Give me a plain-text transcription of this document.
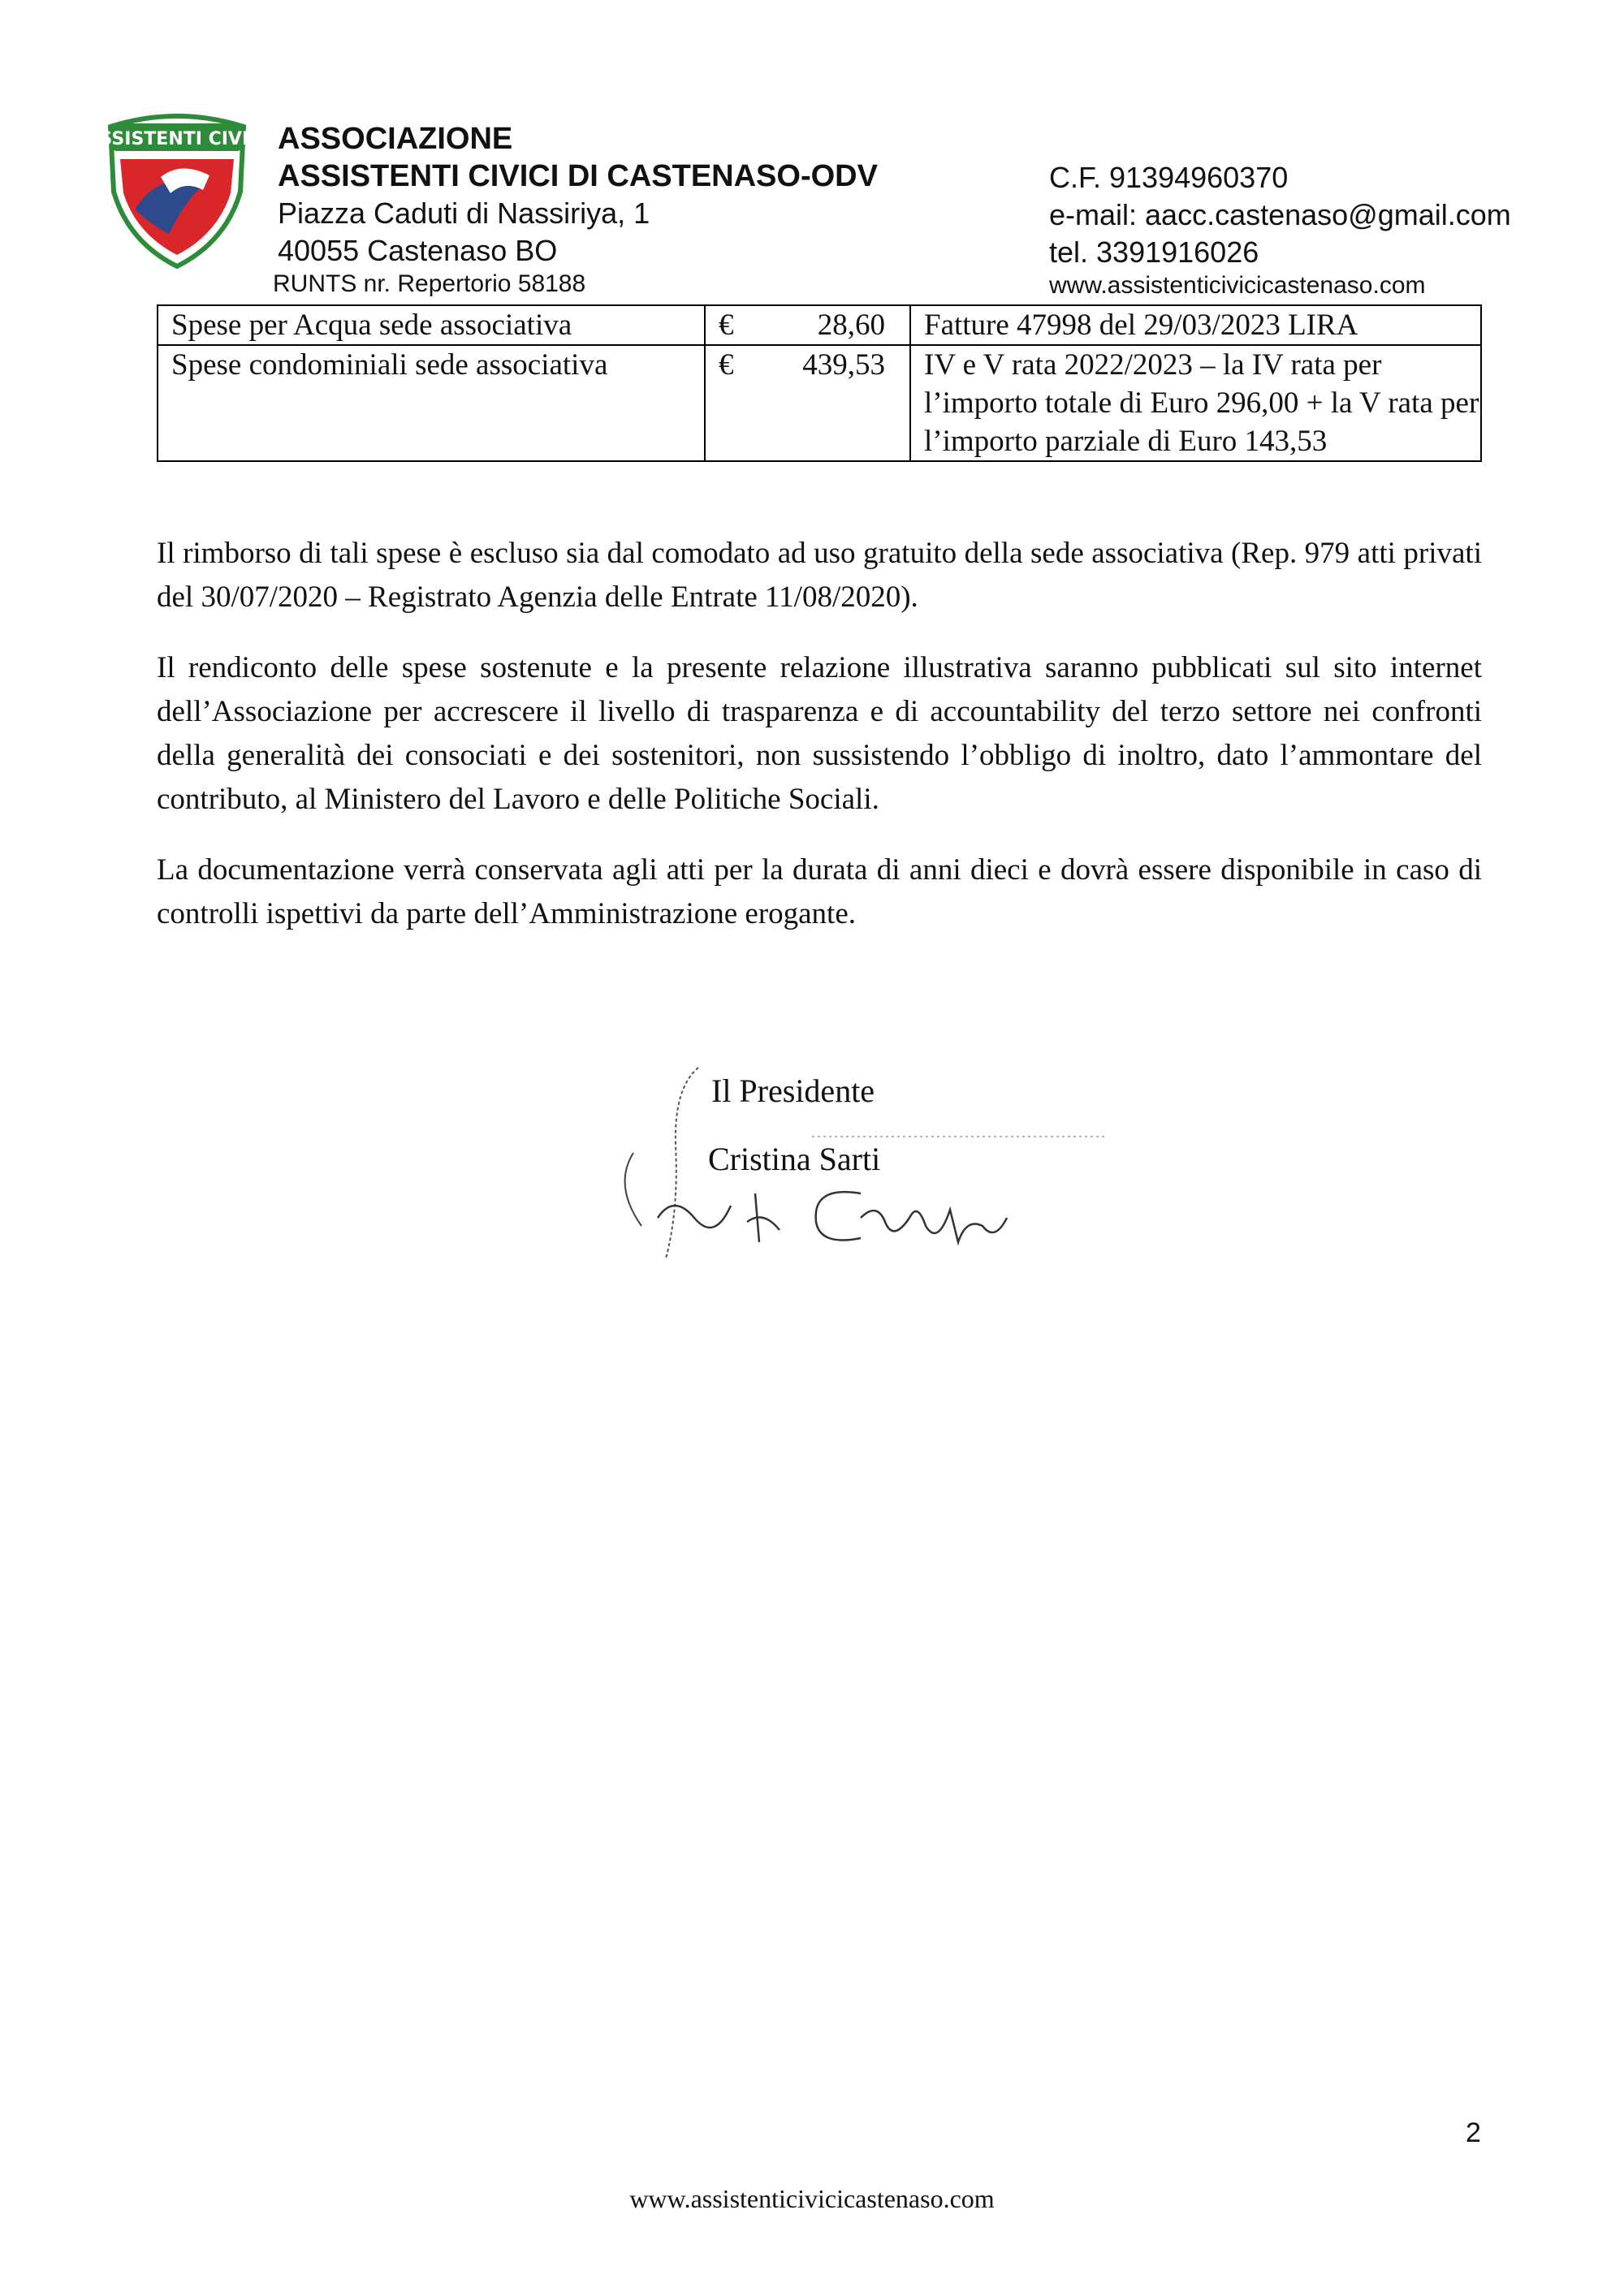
ASSISTENTI CIVICI ASSOCIAZIONE
ASSISTENTI CIVICI DI CASTENASO-ODV
Piazza Caduti di Nassiriya, 1
40055 Castenaso BO
RUNTS nr. Repertorio 58188
C.F. 91394960370
e-mail: aacc.castenaso@gmail.com
tel. 3391916026
www.assistenticivicicastenaso.com
Spese per Acqua sede associativa	€ 28,60	Fatture 47998 del 29/03/2023 LIRA
Spese condominiali sede associativa	€ 439,53	IV e V rata 2022/2023 – la IV rata per l’importo totale di Euro 296,00 + la V rata per l’importo parziale di Euro 143,53

Il rimborso di tali spese è escluso sia dal comodato ad uso gratuito della sede associativa (Rep. 979 atti privati del 30/07/2020 – Registrato Agenzia delle Entrate 11/08/2020).

Il rendiconto delle spese sostenute e la presente relazione illustrativa saranno pubblicati sul sito internet dell’Associazione per accrescere il livello di trasparenza e di accountability del terzo settore nei confronti della generalità dei consociati e dei sostenitori, non sussistendo l’obbligo di inoltro, dato l’ammontare del contributo, al Ministero del Lavoro e delle Politiche Sociali.

La documentazione verrà conservata agli atti per la durata di anni dieci e dovrà essere disponibile in caso di controlli ispettivi da parte dell’Amministrazione erogante.

Il Presidente
Cristina Sarti
2
www.assistenticivicicastenaso.com
